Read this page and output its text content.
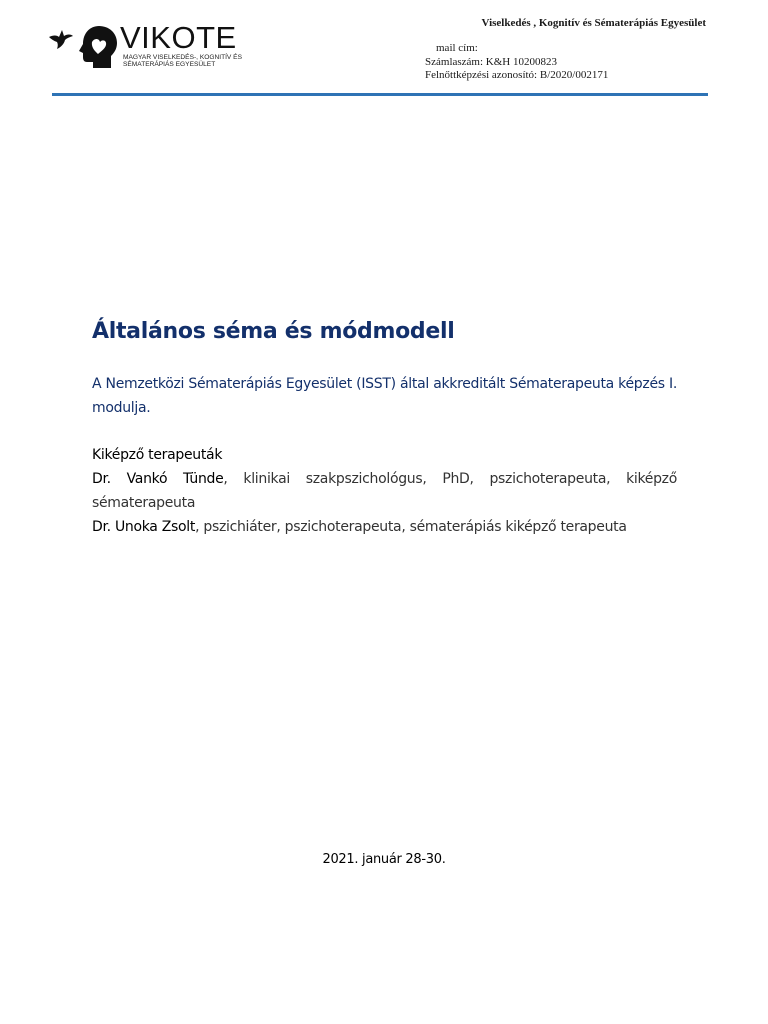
VIKOTE
MAGYAR VISELKEDÉS-, KOGNITÍV ÉS SÉMATERÁPIÁS EGYESÜLET
Viselkedés , Kognitív és Sématerápiás Egyesület
mail cím:
Számlaszám: K&H 10200823
Felnőttképzési azonosító: B/2020/002171
Általános séma és módmodell

A Nemzetközi Sématerápiás Egyesület (ISST) által akkreditált Sématerapeuta képzés I. modulja.

Kiképző terapeuták

Dr. Vankó Tünde, klinikai szakpszichológus, PhD, pszichoterapeuta, kiképző sématerapeuta

Dr. Unoka Zsolt, pszichiáter, pszichoterapeuta, sématerápiás kiképző terapeuta

2021. január 28-30.
